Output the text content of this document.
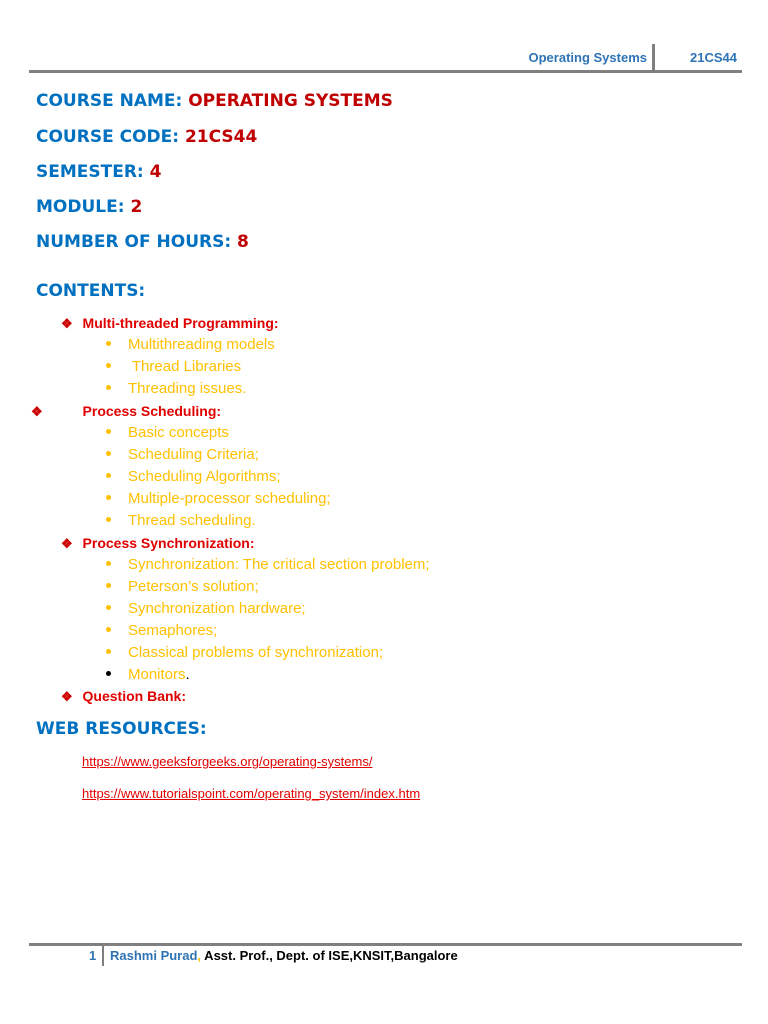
Operating Systems	21CS44
COURSE NAME: OPERATING SYSTEMS
COURSE CODE: 21CS44
SEMESTER: 4
MODULE: 2
NUMBER OF HOURS: 8
CONTENTS:
❖ Multi-threaded Programming:
Multithreading models
Thread Libraries
Threading issues.
❖	Process Scheduling:
Basic concepts
Scheduling Criteria;
Scheduling Algorithms;
Multiple-processor scheduling;
Thread scheduling.
❖ Process Synchronization:
Synchronization: The critical section problem;
Peterson’s solution;
Synchronization hardware;
Semaphores;
Classical problems of synchronization;
Monitors.
❖ Question Bank:
WEB RESOURCES:
https://www.geeksforgeeks.org/operating-systems/
https://www.tutorialspoint.com/operating_system/index.htm
1 Rashmi Purad, Asst. Prof., Dept. of ISE,KNSIT,Bangalore
